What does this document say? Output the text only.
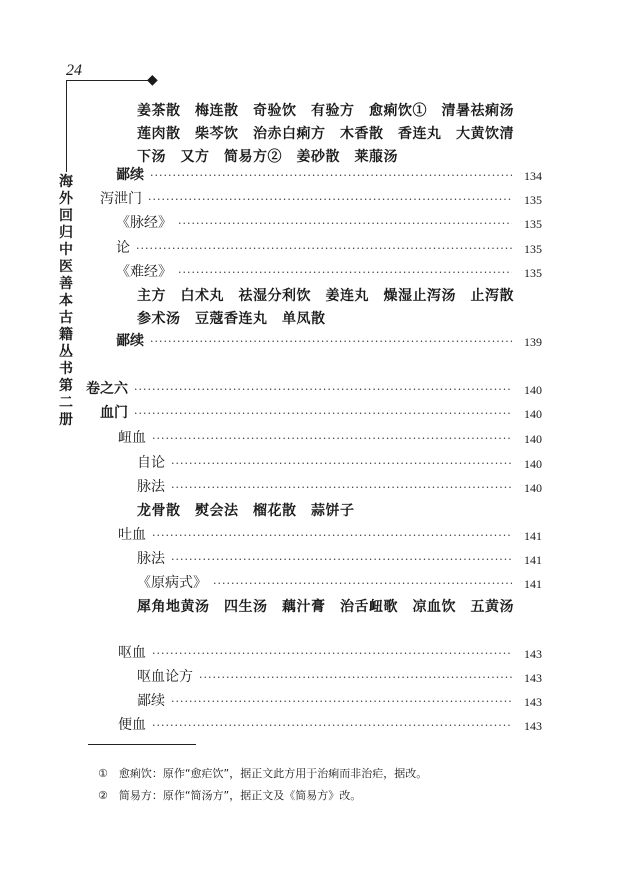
24
◆
海外回归中医善本古籍丛书第二册
姜茶散　梅连散　奇验饮　有验方　愈痢饮①　清暑祛痢汤　莲肉散　柴芩饮　治赤白痢方　木香散　香连丸　大黄饮清下汤　又方　简易方②　姜砂散　莱菔汤
鄙续 ·····	134
泻泄门 ·····	135
《脉经》 ·····	135
论 ·····	135
《难经》 ·····	135
主方　白术丸　祛湿分利饮　姜连丸　燥湿止泻汤　止泻散　参术汤　豆蔻香连丸　单凤散
鄙续 ·····	139
卷之六 ·····	140
血门 ·····	140
衄血 ·····	140
自论 ·····	140
脉法 ·····	140
龙骨散　熨会法　榴花散　蒜饼子
吐血 ·····	141
脉法 ·····	141
《原病式》 ·····	141
犀角地黄汤　四生汤　藕汁膏　治舌衄歌　凉血饮　五黄汤
呕血 ·····	143
呕血论方 ·····	143
鄙续 ·····	143
便血 ·····	143
①　愈痢饮：原作“愈疟饮”，据正文此方用于治痢而非治疟，据改。
②　简易方：原作“简汤方”，据正文及《简易方》改。
